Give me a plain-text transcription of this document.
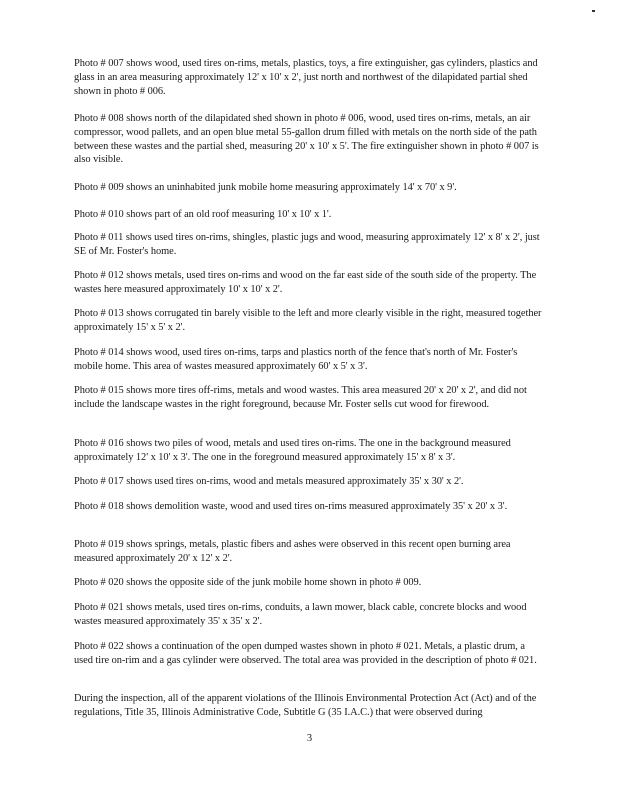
Photo # 007 shows wood, used tires on-rims, metals, plastics, toys, a fire extinguisher, gas cylinders, plastics and glass in an area measuring approximately 12' x 10' x 2', just north and northwest of the dilapidated partial shed shown in photo # 006.

Photo # 008 shows north of the dilapidated shed shown in photo # 006, wood, used tires on-rims, metals, an air compressor, wood pallets, and an open blue metal 55-gallon drum filled with metals on the north side of the path between these wastes and the partial shed, measuring 20' x 10' x 5'. The fire extinguisher shown in photo # 007 is also visible.

Photo # 009 shows an uninhabited junk mobile home measuring approximately 14' x 70' x 9'.

Photo # 010 shows part of an old roof measuring 10' x 10' x 1'.

Photo # 011 shows used tires on-rims, shingles, plastic jugs and wood, measuring approximately 12' x 8' x 2', just SE of Mr. Foster's home.

Photo # 012 shows metals, used tires on-rims and wood on the far east side of the south side of the property. The wastes here measured approximately 10' x 10' x 2'.

Photo # 013 shows corrugated tin barely visible to the left and more clearly visible in the right, measured together approximately 15' x 5' x 2'.

Photo # 014 shows wood, used tires on-rims, tarps and plastics north of the fence that's north of Mr. Foster's mobile home. This area of wastes measured approximately 60' x 5' x 3'.

Photo # 015 shows more tires off-rims, metals and wood wastes. This area measured 20' x 20' x 2', and did not include the landscape wastes in the right foreground, because Mr. Foster sells cut wood for firewood.

Photo # 016 shows two piles of wood, metals and used tires on-rims. The one in the background measured approximately 12' x 10' x 3'. The one in the foreground measured approximately 15' x 8' x 3'.

Photo # 017 shows used tires on-rims, wood and metals measured approximately 35' x 30' x 2'.

Photo # 018 shows demolition waste, wood and used tires on-rims measured approximately 35' x 20' x 3'.

Photo # 019 shows springs, metals, plastic fibers and ashes were observed in this recent open burning area measured approximately 20' x 12' x 2'.

Photo # 020 shows the opposite side of the junk mobile home shown in photo # 009.

Photo # 021 shows metals, used tires on-rims, conduits, a lawn mower, black cable, concrete blocks and wood wastes measured approximately 35' x 35' x 2'.

Photo # 022 shows a continuation of the open dumped wastes shown in photo # 021. Metals, a plastic drum, a used tire on-rim and a gas cylinder were observed. The total area was provided in the description of photo # 021.

During the inspection, all of the apparent violations of the Illinois Environmental Protection Act (Act) and of the regulations, Title 35, Illinois Administrative Code, Subtitle G (35 I.A.C.) that were observed during

3
